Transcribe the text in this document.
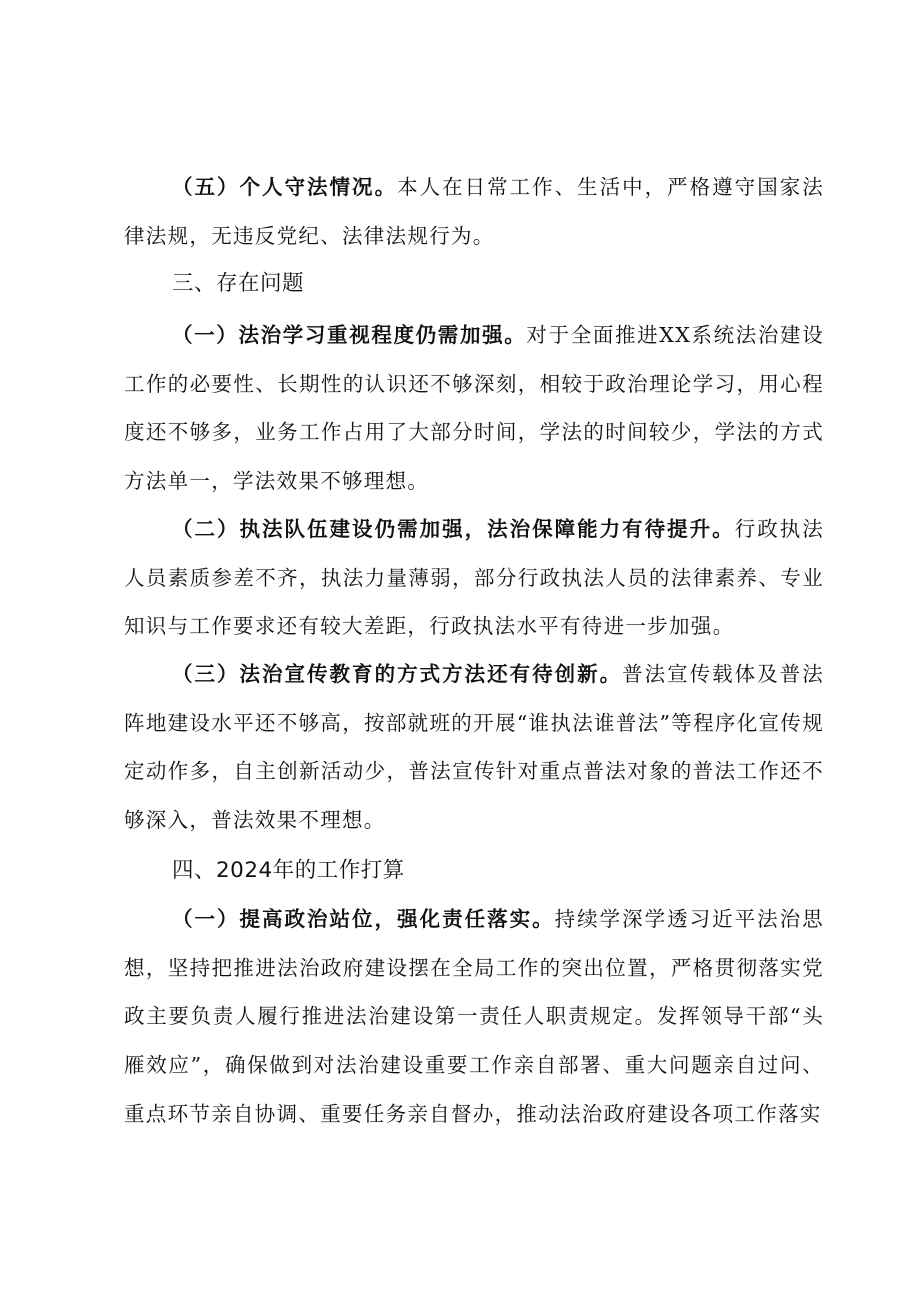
（五）个人守法情况。本人在日常工作、生活中，严格遵守国家法律法规，无违反党纪、法律法规行为。

三、存在问题

（一）法治学习重视程度仍需加强。对于全面推进XX系统法治建设工作的必要性、长期性的认识还不够深刻，相较于政治理论学习，用心程度还不够多，业务工作占用了大部分时间，学法的时间较少，学法的方式方法单一，学法效果不够理想。

（二）执法队伍建设仍需加强，法治保障能力有待提升。行政执法人员素质参差不齐，执法力量薄弱，部分行政执法人员的法律素养、专业知识与工作要求还有较大差距，行政执法水平有待进一步加强。

（三）法治宣传教育的方式方法还有待创新。普法宣传载体及普法阵地建设水平还不够高，按部就班的开展“谁执法谁普法”等程序化宣传规定动作多，自主创新活动少，普法宣传针对重点普法对象的普法工作还不够深入，普法效果不理想。

四、2024年的工作打算

（一）提高政治站位，强化责任落实。持续学深学透习近平法治思想，坚持把推进法治政府建设摆在全局工作的突出位置，严格贯彻落实党政主要负责人履行推进法治建设第一责任人职责规定。发挥领导干部“头雁效应”，确保做到对法治建设重要工作亲自部署、重大问题亲自过问、重点环节亲自协调、重要任务亲自督办，推动法治政府建设各项工作落实
